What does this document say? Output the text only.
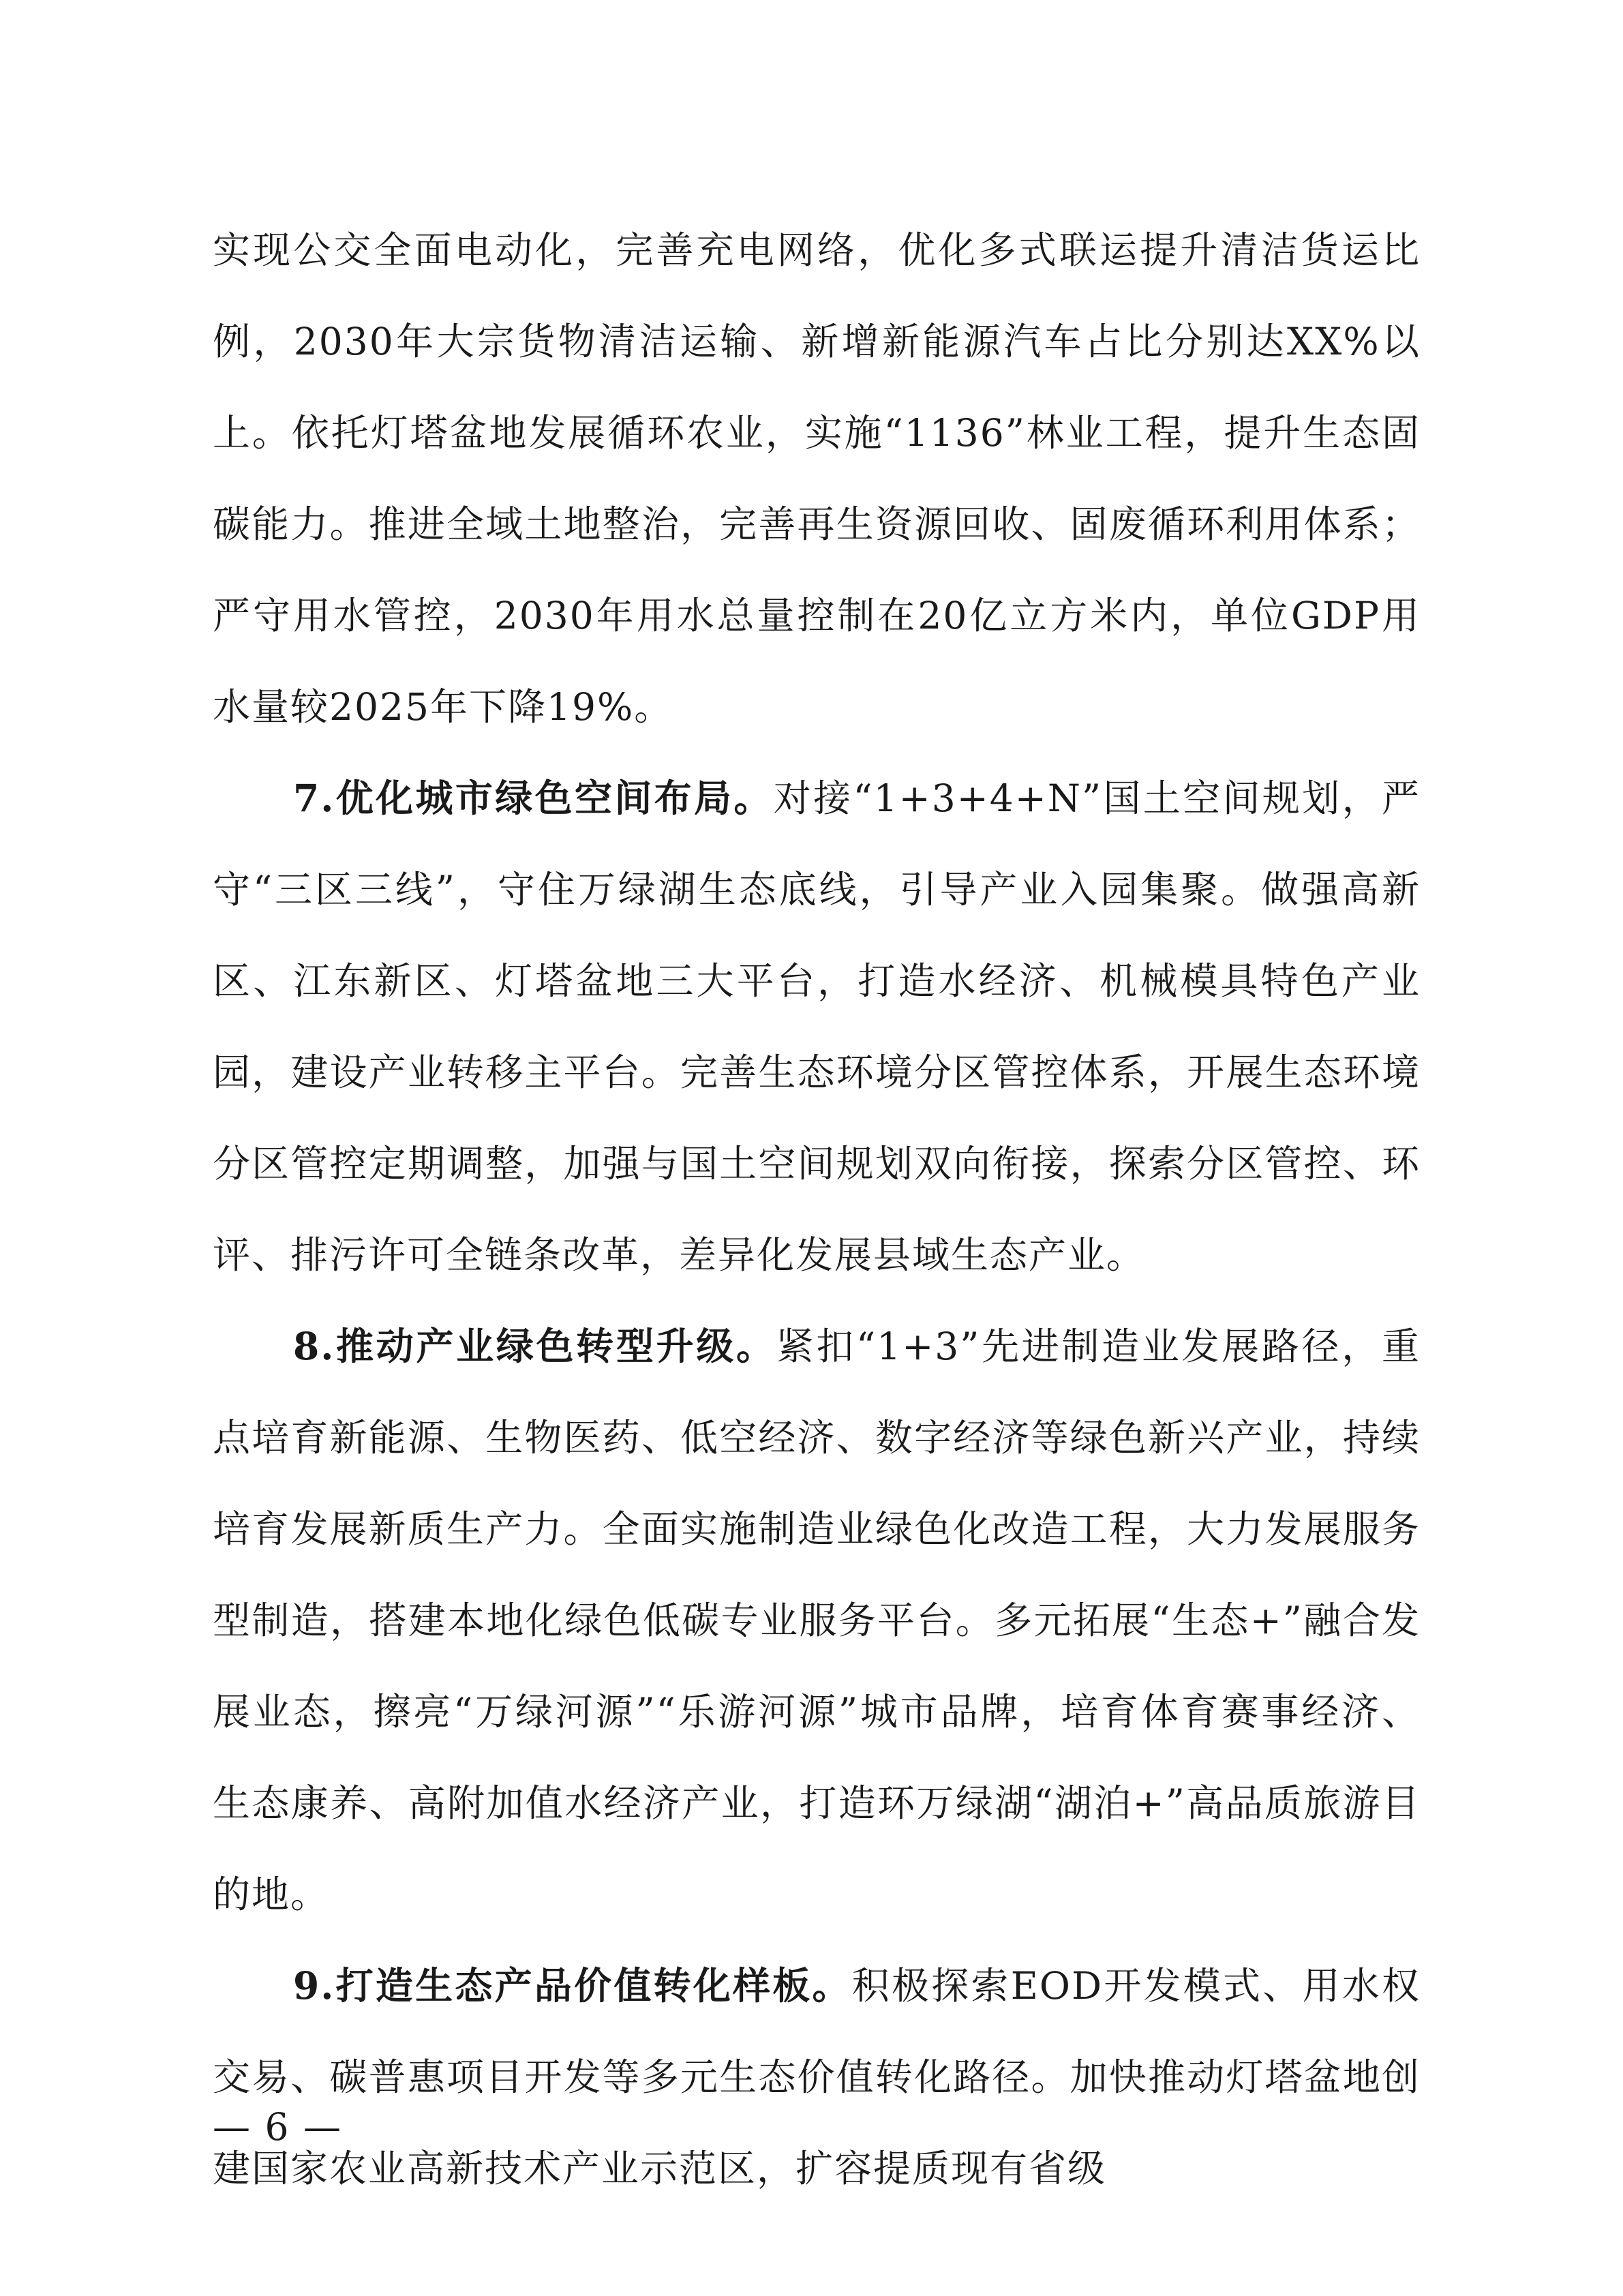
实现公交全面电动化，完善充电网络，优化多式联运提升清洁货运比例，2030年大宗货物清洁运输、新增新能源汽车占比分别达XX%以上。依托灯塔盆地发展循环农业，实施“1136”林业工程，提升生态固碳能力。推进全域土地整治，完善再生资源回收、固废循环利用体系；严守用水管控，2030年用水总量控制在20亿立方米内，单位GDP用水量较2025年下降19%。

7.优化城市绿色空间布局。对接“1+3+4+N”国土空间规划，严守“三区三线”，守住万绿湖生态底线，引导产业入园集聚。做强高新区、江东新区、灯塔盆地三大平台，打造水经济、机械模具特色产业园，建设产业转移主平台。完善生态环境分区管控体系，开展生态环境分区管控定期调整，加强与国土空间规划双向衔接，探索分区管控、环评、排污许可全链条改革，差异化发展县域生态产业。

8.推动产业绿色转型升级。紧扣“1+3”先进制造业发展路径，重点培育新能源、生物医药、低空经济、数字经济等绿色新兴产业，持续培育发展新质生产力。全面实施制造业绿色化改造工程，大力发展服务型制造，搭建本地化绿色低碳专业服务平台。多元拓展“生态+”融合发展业态，擦亮“万绿河源”“乐游河源”城市品牌，培育体育赛事经济、生态康养、高附加值水经济产业，打造环万绿湖“湖泊+”高品质旅游目的地。

9.打造生态产品价值转化样板。积极探索EOD开发模式、用水权交易、碳普惠项目开发等多元生态价值转化路径。加快推动灯塔盆地创建国家农业高新技术产业示范区，扩容提质现有省级

— 6 —
